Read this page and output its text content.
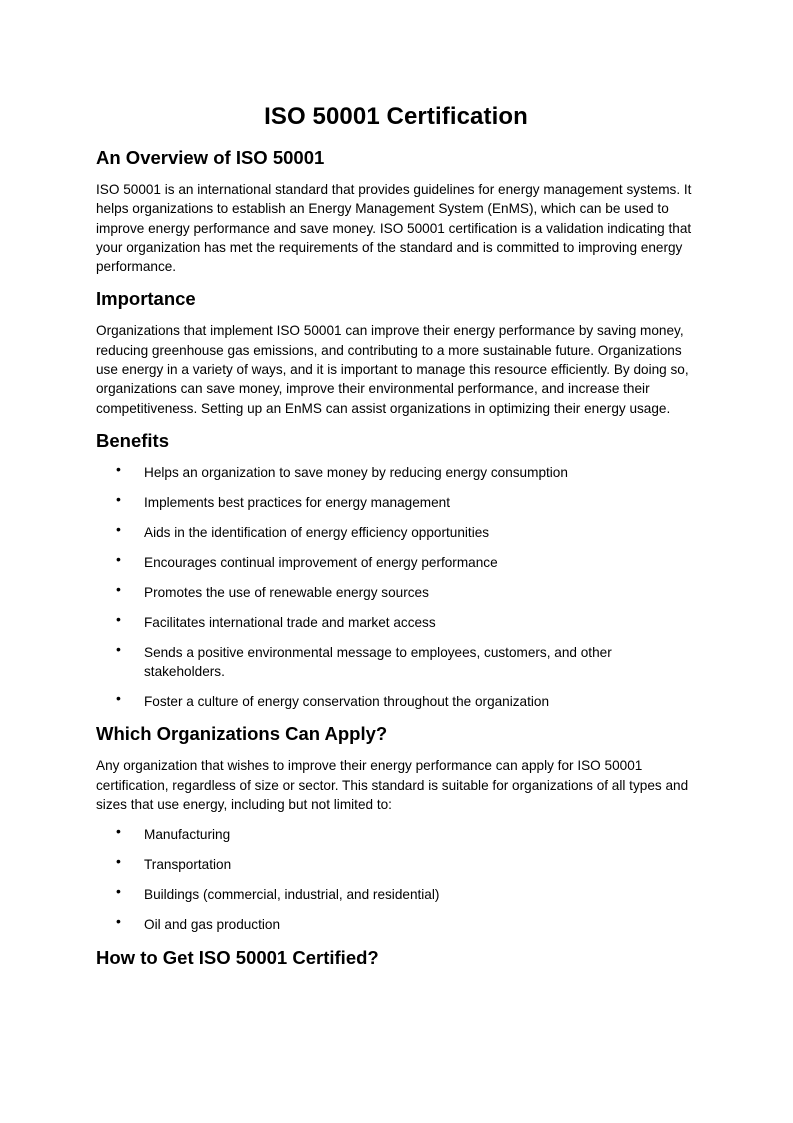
ISO 50001 Certification
An Overview of ISO 50001

ISO 50001 is an international standard that provides guidelines for energy management systems. It helps organizations to establish an Energy Management System (EnMS), which can be used to improve energy performance and save money. ISO 50001 certification is a validation indicating that your organization has met the requirements of the standard and is committed to improving energy performance.

Importance

Organizations that implement ISO 50001 can improve their energy performance by saving money, reducing greenhouse gas emissions, and contributing to a more sustainable future. Organizations use energy in a variety of ways, and it is important to manage this resource efficiently. By doing so, organizations can save money, improve their environmental performance, and increase their competitiveness. Setting up an EnMS can assist organizations in optimizing their energy usage.

Benefits
• Helps an organization to save money by reducing energy consumption
• Implements best practices for energy management
• Aids in the identification of energy efficiency opportunities
• Encourages continual improvement of energy performance
• Promotes the use of renewable energy sources
• Facilitates international trade and market access
• Sends a positive environmental message to employees, customers, and other stakeholders.
• Foster a culture of energy conservation throughout the organization
Which Organizations Can Apply?

Any organization that wishes to improve their energy performance can apply for ISO 50001 certification, regardless of size or sector. This standard is suitable for organizations of all types and sizes that use energy, including but not limited to:

• Manufacturing
• Transportation
• Buildings (commercial, industrial, and residential)
• Oil and gas production
How to Get ISO 50001 Certified?
